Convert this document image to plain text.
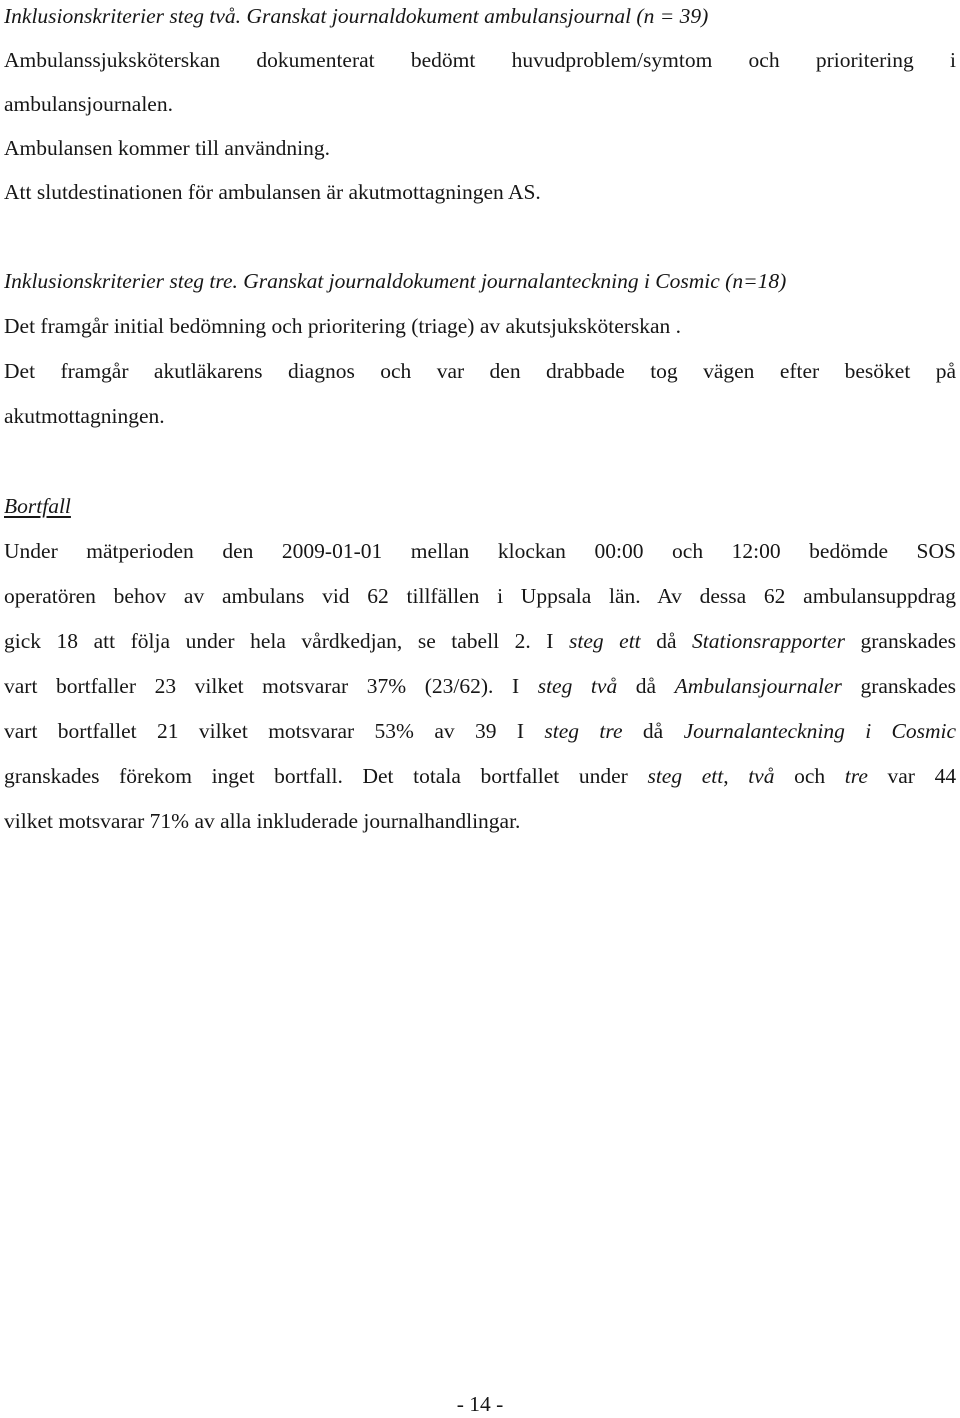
Inklusionskriterier steg två. Granskat journaldokument ambulansjournal (n = 39)
Ambulanssjuksköterskan dokumenterat bedömt huvudproblem/symtom och prioritering i
ambulansjournalen.
Ambulansen kommer till användning.
Att slutdestinationen för ambulansen är akutmottagningen AS.
Inklusionskriterier steg tre. Granskat journaldokument journalanteckning i Cosmic (n=18)
Det framgår initial bedömning och prioritering (triage) av akutsjuksköterskan .
Det framgår akutläkarens diagnos och var den drabbade tog vägen efter besöket på
akutmottagningen.
Bortfall
Under mätperioden den 2009-01-01 mellan klockan 00:00 och 12:00 bedömde SOS
operatören behov av ambulans vid 62 tillfällen i Uppsala län. Av dessa 62 ambulansuppdrag
gick 18 att följa under hela vårdkedjan, se tabell 2. I steg ett då Stationsrapporter granskades
vart bortfaller 23 vilket motsvarar 37% (23/62). I steg två då Ambulansjournaler granskades
vart bortfallet 21 vilket motsvarar 53% av 39 I steg tre då Journalanteckning i Cosmic
granskades förekom inget bortfall. Det totala bortfallet under steg ett, två och tre var 44
vilket motsvarar 71% av alla inkluderade journalhandlingar.
- 14 -
